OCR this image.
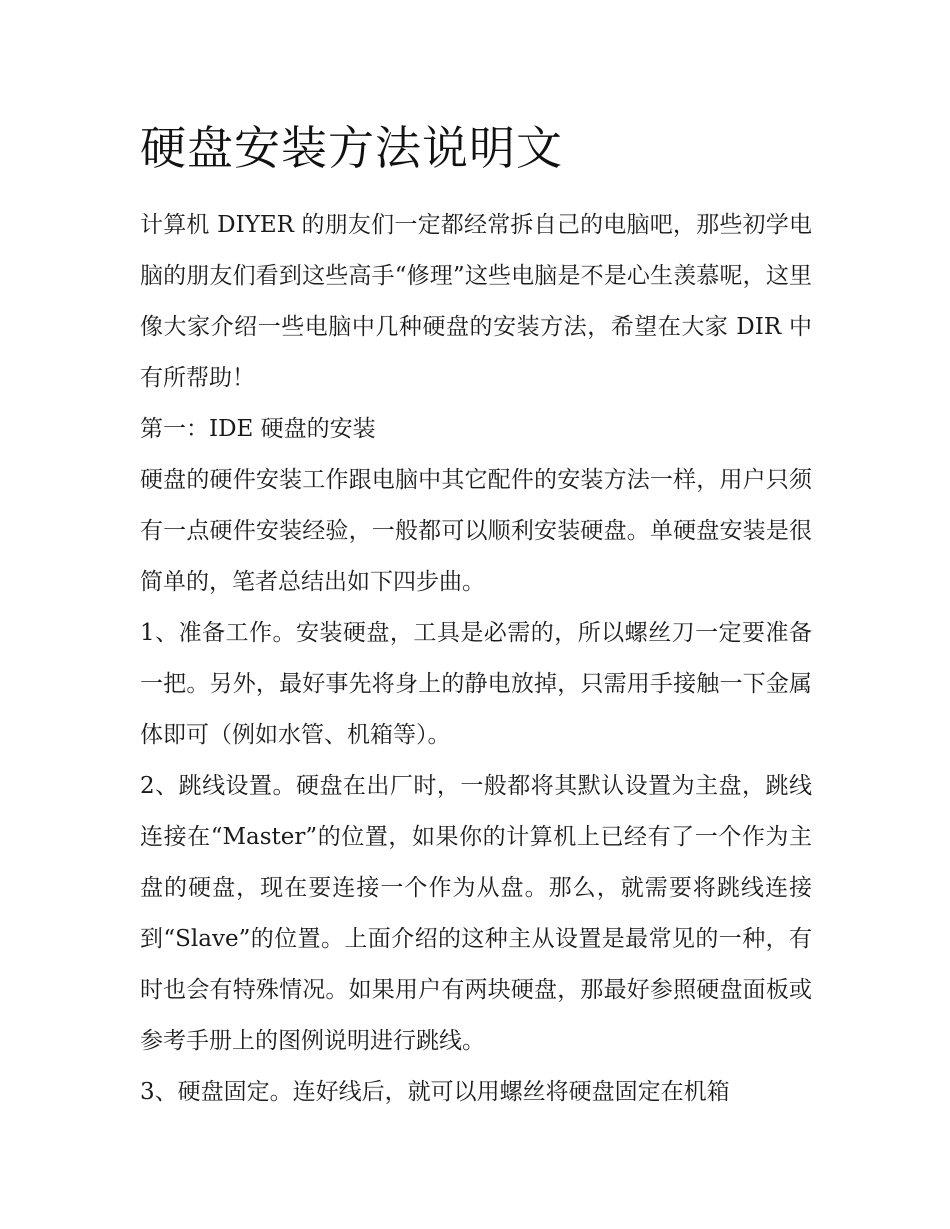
硬盘安装方法说明文

计算机 DIYER 的朋友们一定都经常拆自己的电脑吧，那些初学电脑的朋友们看到这些高手“修理”这些电脑是不是心生羡慕呢，这里像大家介绍一些电脑中几种硬盘的安装方法，希望在大家 DIR 中有所帮助！

第一：IDE 硬盘的安装

硬盘的硬件安装工作跟电脑中其它配件的安装方法一样，用户只须有一点硬件安装经验，一般都可以顺利安装硬盘。单硬盘安装是很简单的，笔者总结出如下四步曲。

1、准备工作。安装硬盘，工具是必需的，所以螺丝刀一定要准备一把。另外，最好事先将身上的静电放掉，只需用手接触一下金属体即可（例如水管、机箱等）。

2、跳线设置。硬盘在出厂时，一般都将其默认设置为主盘，跳线连接在“Master”的位置，如果你的计算机上已经有了一个作为主盘的硬盘，现在要连接一个作为从盘。那么，就需要将跳线连接到“Slave”的位置。上面介绍的这种主从设置是最常见的一种，有时也会有特殊情况。如果用户有两块硬盘，那最好参照硬盘面板或参考手册上的图例说明进行跳线。

3、硬盘固定。连好线后，就可以用螺丝将硬盘固定在机箱
